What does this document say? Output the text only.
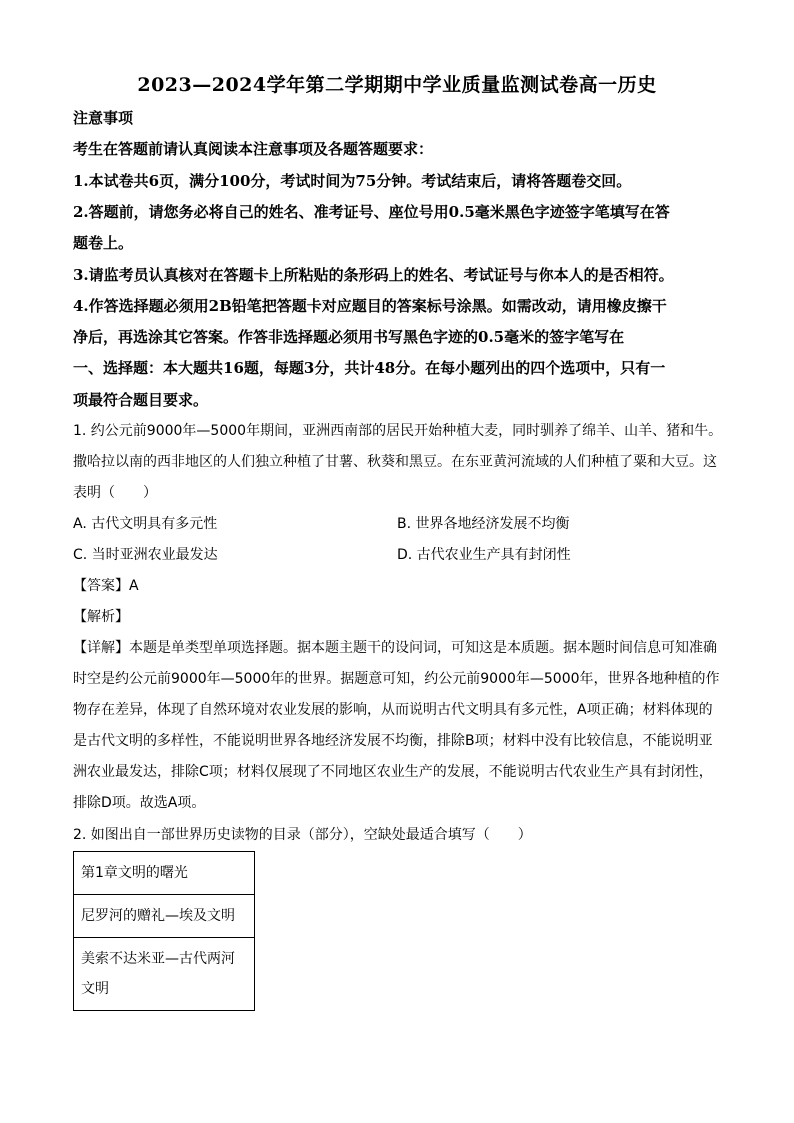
2023—2024学年第二学期期中学业质量监测试卷高一历史
注意事项
考生在答题前请认真阅读本注意事项及各题答题要求：
1.本试卷共6页，满分100分，考试时间为75分钟。考试结束后，请将答题卷交回。
2.答题前，请您务必将自己的姓名、准考证号、座位号用0.5毫米黑色字迹签字笔填写在答
题卷上。
3.请监考员认真核对在答题卡上所粘贴的条形码上的姓名、考试证号与你本人的是否相符。
4.作答选择题必须用2B铅笔把答题卡对应题目的答案标号涂黑。如需改动，请用橡皮擦干
净后，再选涂其它答案。作答非选择题必须用书写黑色字迹的0.5毫米的签字笔写在
一、选择题：本大题共16题，每题3分，共计48分。在每小题列出的四个选项中，只有一
项最符合题目要求。
1. 约公元前9000年—5000年期间，亚洲西南部的居民开始种植大麦，同时驯养了绵羊、山羊、猪和牛。
撒哈拉以南的西非地区的人们独立种植了甘薯、秋葵和黑豆。在东亚黄河流域的人们种植了粟和大豆。这
表明（　　）
A. 古代文明具有多元性	B. 世界各地经济发展不均衡
C. 当时亚洲农业最发达	D. 古代农业生产具有封闭性
【答案】A
【解析】
【详解】本题是单类型单项选择题。据本题主题干的设问词，可知这是本质题。据本题时间信息可知准确
时空是约公元前9000年—5000年的世界。据题意可知，约公元前9000年—5000年，世界各地种植的作
物存在差异，体现了自然环境对农业发展的影响，从而说明古代文明具有多元性，A项正确；材料体现的
是古代文明的多样性，不能说明世界各地经济发展不均衡，排除B项；材料中没有比较信息，不能说明亚
洲农业最发达，排除C项；材料仅展现了不同地区农业生产的发展，不能说明古代农业生产具有封闭性，
排除D项。故选A项。
2. 如图出自一部世界历史读物的目录（部分），空缺处最适合填写（　　）
第1章文明的曙光
尼罗河的赠礼—埃及文明
美索不达米亚—古代两河文明
